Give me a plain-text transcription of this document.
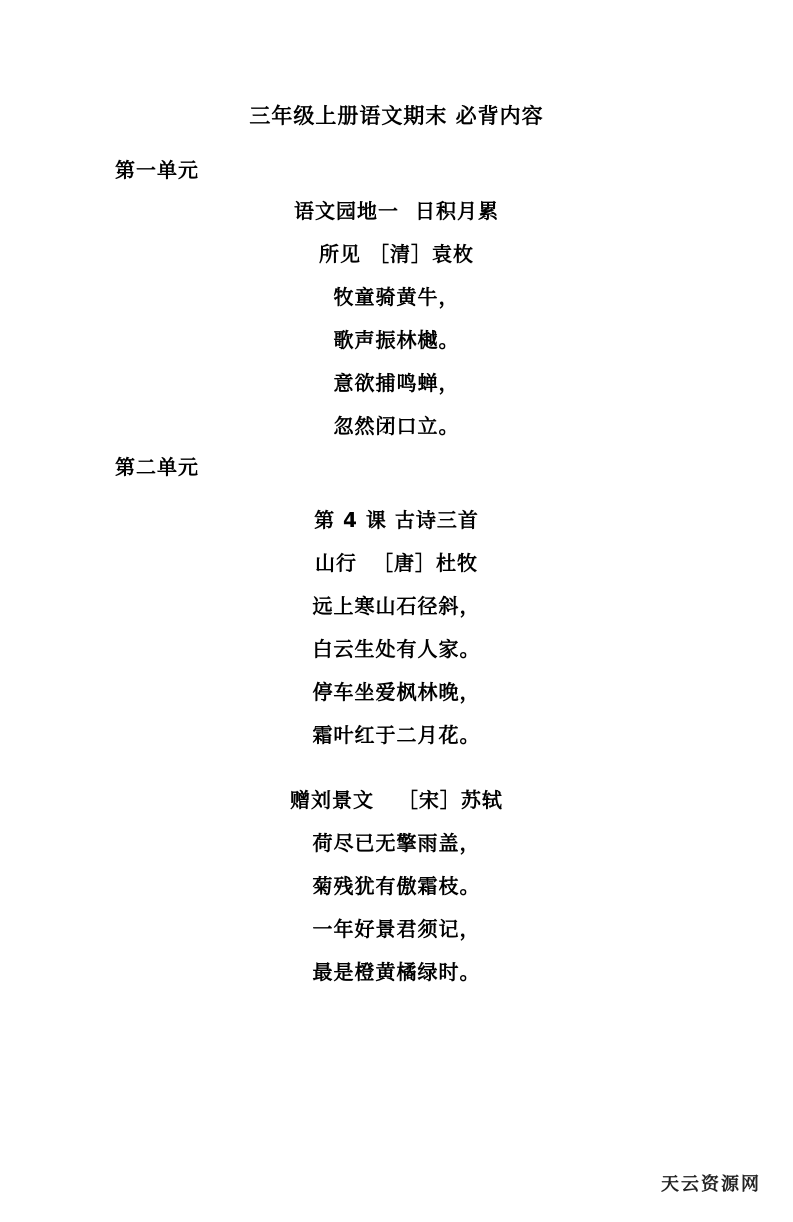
三年级上册语文期末 必背内容
第一单元
语文园地一  日积月累
所见 ［清］袁枚
牧童骑黄牛，
歌声振林樾。
意欲捕鸣蝉，
忽然闭口立。
第二单元
第 4 课 古诗三首
山行  ［唐］杜牧
远上寒山石径斜，
白云生处有人家。
停车坐爱枫林晚，
霜叶红于二月花。
赠刘景文   ［宋］苏轼
荷尽已无擎雨盖，
菊残犹有傲霜枝。
一年好景君须记，
最是橙黄橘绿时。
天云资源网
